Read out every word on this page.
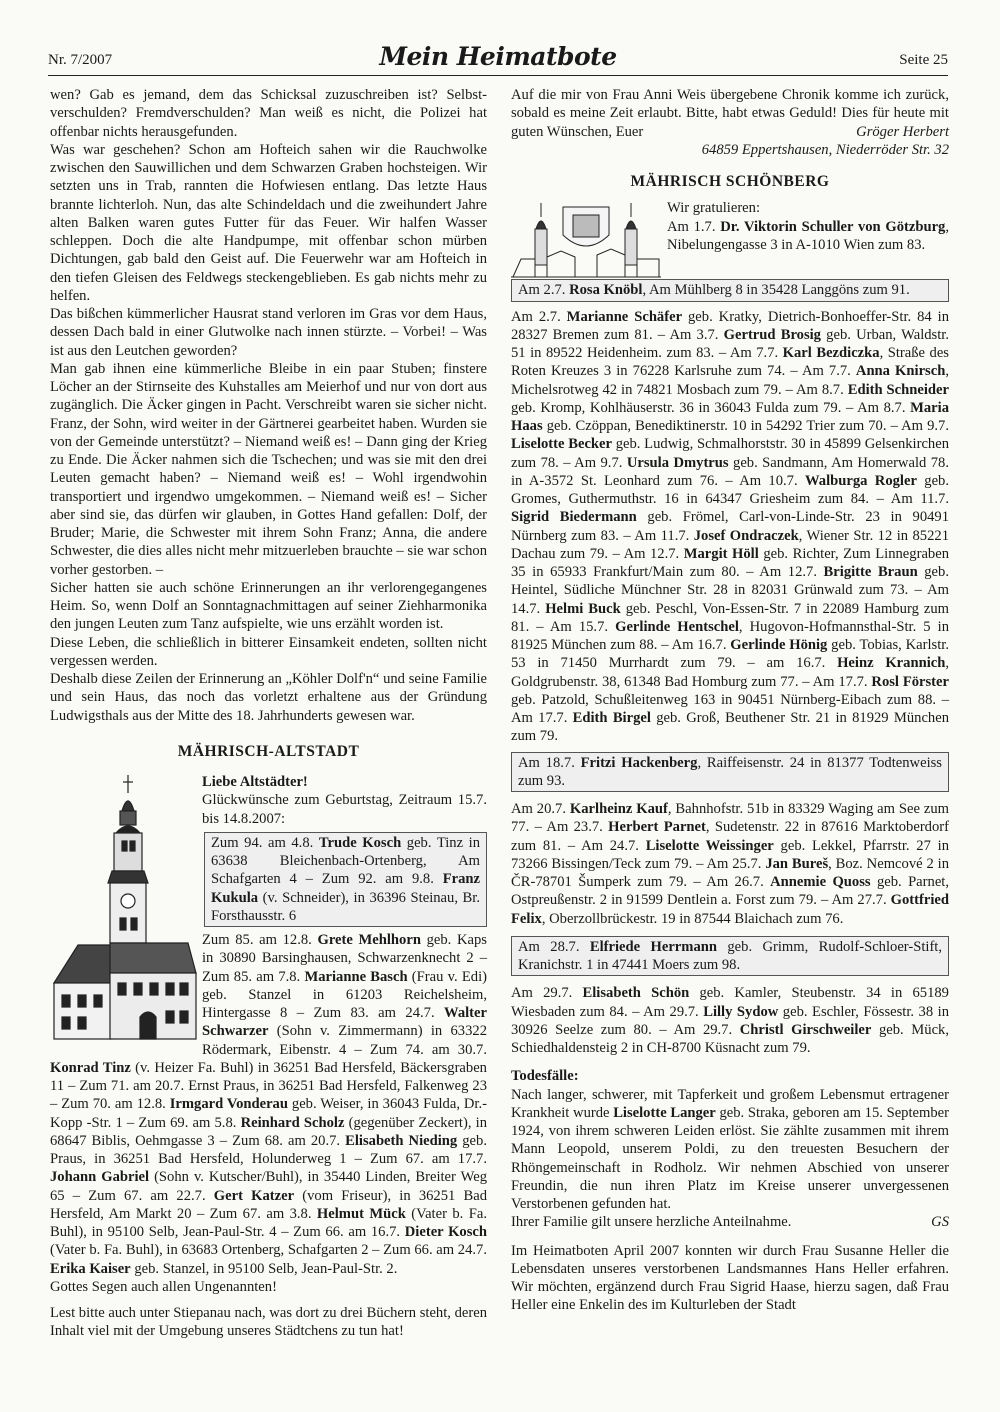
Nr. 7/2007	Mein Heimatbote	Seite 25

wen? Gab es jemand, dem das Schicksal zuzuschreiben ist? Selbstverschulden? Fremdverschulden? Man weiß es nicht, die Polizei hat offenbar nichts herausgefunden.

Was war geschehen? Schon am Hofteich sahen wir die Rauchwolke zwischen den Sauwillichen und dem Schwarzen Graben hochsteigen. Wir setzten uns in Trab, rannten die Hofwiesen entlang. Das letzte Haus brannte lichterloh. Nun, das alte Schindeldach und die zweihundert Jahre alten Balken waren gutes Futter für das Feuer. Wir halfen Wasser schleppen. Doch die alte Handpumpe, mit offenbar schon mürben Dichtungen, gab bald den Geist auf. Die Feuerwehr war am Hofteich in den tiefen Gleisen des Feldwegs steckengeblieben. Es gab nichts mehr zu helfen.

Das bißchen kümmerlicher Hausrat stand verloren im Gras vor dem Haus, dessen Dach bald in einer Glutwolke nach innen stürzte. – Vorbei! – Was ist aus den Leutchen geworden?

Man gab ihnen eine kümmerliche Bleibe in ein paar Stuben; finstere Löcher an der Stirnseite des Kuhstalles am Meierhof und nur von dort aus zugänglich. Die Äcker gingen in Pacht. Verschreibt waren sie sicher nicht. Franz, der Sohn, wird weiter in der Gärtnerei gearbeitet haben. Wurden sie von der Gemeinde unterstützt? – Niemand weiß es! – Dann ging der Krieg zu Ende. Die Äcker nahmen sich die Tschechen; und was sie mit den drei Leuten gemacht haben? – Niemand weiß es! – Wohl irgendwohin transportiert und irgendwo umgekommen. – Niemand weiß es! – Sicher aber sind sie, das dürfen wir glauben, in Gottes Hand gefallen: Dolf, der Bruder; Marie, die Schwester mit ihrem Sohn Franz; Anna, die andere Schwester, die dies alles nicht mehr mitzuerleben brauchte – sie war schon vorher gestorben. –

Sicher hatten sie auch schöne Erinnerungen an ihr verlorengegangenes Heim. So, wenn Dolf an Sonntagnachmittagen auf seiner Ziehharmonika den jungen Leuten zum Tanz aufspielte, wie uns erzählt worden ist.

Diese Leben, die schließlich in bitterer Einsamkeit endeten, sollten nicht vergessen werden.

Deshalb diese Zeilen der Erinnerung an „Köhler Dolf'n“ und seine Familie und sein Haus, das noch das vorletzt erhaltene aus der Gründung Ludwigsthals aus der Mitte des 18. Jahrhunderts gewesen war.

MÄHRISCH-ALTSTADT

Liebe Altstädter!

Glückwünsche zum Geburtstag, Zeitraum 15.7. bis 14.8.2007:

Zum 94. am 4.8. Trude Kosch geb. Tinz in 63638 Bleichenbach-Ortenberg, Am Schafgarten 4 – Zum 92. am 9.8. Franz Kukula (v. Schneider), in 36396 Steinau, Br. Forsthausstr. 6

Zum 85. am 12.8. Grete Mehlhorn geb. Kaps in 30890 Barsinghausen, Schwarzenknecht 2 – Zum 85. am 7.8. Marianne Basch (Frau v. Edi) geb. Stanzel in 61203 Reichelsheim, Hintergasse 8 – Zum 83. am 24.7. Walter Schwarzer (Sohn v. Zimmermann) in 63322 Rödermark, Eibenstr. 4 – Zum 74. am 30.7. Konrad Tinz (v. Heizer Fa. Buhl) in 36251 Bad Hersfeld, Bäckersgraben 11 – Zum 71. am 20.7. Ernst Praus, in 36251 Bad Hersfeld, Falkenweg 23 – Zum 70. am 12.8. Irmgard Vonderau geb. Weiser, in 36043 Fulda, Dr.-Kopp -Str. 1 – Zum 69. am 5.8. Reinhard Scholz (gegenüber Zeckert), in 68647 Biblis, Oehmgasse 3 – Zum 68. am 20.7. Elisabeth Nieding geb. Praus, in 36251 Bad Hersfeld, Holunderweg 1 – Zum 67. am 17.7. Johann Gabriel (Sohn v. Kutscher/Buhl), in 35440 Linden, Breiter Weg 65 – Zum 67. am 22.7. Gert Katzer (vom Friseur), in 36251 Bad Hersfeld, Am Markt 20 – Zum 67. am 3.8. Helmut Mück (Vater b. Fa. Buhl), in 95100 Selb, Jean-Paul-Str. 4 – Zum 66. am 16.7. Dieter Kosch (Vater b. Fa. Buhl), in 63683 Ortenberg, Schafgarten 2 – Zum 66. am 24.7. Erika Kaiser geb. Stanzel, in 95100 Selb, Jean-Paul-Str. 2.

Gottes Segen auch allen Ungenannten!

Lest bitte auch unter Stiepanau nach, was dort zu drei Büchern steht, deren Inhalt viel mit der Umgebung unseres Städtchens zu tun hat!

Auf die mir von Frau Anni Weis übergebene Chronik komme ich zurück, sobald es meine Zeit erlaubt. Bitte, habt etwas Geduld! Dies für heute mit guten Wünschen, Euer	Gröger Herbert

64859 Eppertshausen, Niederröder Str. 32

MÄHRISCH SCHÖNBERG

Wir gratulieren:

Am 1.7. Dr. Viktorin Schuller von Götzburg, Nibelungengasse 3 in A-1010 Wien zum 83.

Am 2.7. Rosa Knöbl, Am Mühlberg 8 in 35428 Langgöns zum 91.

Am 2.7. Marianne Schäfer geb. Kratky, Dietrich-Bonhoeffer-Str. 84 in 28327 Bremen zum 81. – Am 3.7. Gertrud Brosig geb. Urban, Waldstr. 51 in 89522 Heidenheim. zum 83. – Am 7.7. Karl Bezdiczka, Straße des Roten Kreuzes 3 in 76228 Karlsruhe zum 74. – Am 7.7. Anna Knirsch, Michelsrotweg 42 in 74821 Mosbach zum 79. – Am 8.7. Edith Schneider geb. Kromp, Kohlhäuserstr. 36 in 36043 Fulda zum 79. – Am 8.7. Maria Haas geb. Czöppan, Benediktinerstr. 10 in 54292 Trier zum 70. – Am 9.7. Liselotte Becker geb. Ludwig, Schmalhorststr. 30 in 45899 Gelsenkirchen zum 78. – Am 9.7. Ursula Dmytrus geb. Sandmann, Am Homerwald 78. in A-3572 St. Leonhard zum 76. – Am 10.7. Walburga Rogler geb. Gromes, Guthermuthstr. 16 in 64347 Griesheim zum 84. – Am 11.7. Sigrid Biedermann geb. Frömel, Carl-von-Linde-Str. 23 in 90491 Nürnberg zum 83. – Am 11.7. Josef Ondraczek, Wiener Str. 12 in 85221 Dachau zum 79. – Am 12.7. Margit Höll geb. Richter, Zum Linnegraben 35 in 65933 Frankfurt/Main zum 80. – Am 12.7. Brigitte Braun geb. Heintel, Südliche Münchner Str. 28 in 82031 Grünwald zum 73. – Am 14.7. Helmi Buck geb. Peschl, Von-Essen-Str. 7 in 22089 Hamburg zum 81. – Am 15.7. Gerlinde Hentschel, Hugovon-Hofmannsthal-Str. 5 in 81925 München zum 88. – Am 16.7. Gerlinde Hönig geb. Tobias, Karlstr. 53 in 71450 Murrhardt zum 79. – am 16.7. Heinz Krannich, Goldgrubenstr. 38, 61348 Bad Homburg zum 77. – Am 17.7. Rosl Förster geb. Patzold, Schußleitenweg 163 in 90451 Nürnberg-Eibach zum 88. – Am 17.7. Edith Birgel geb. Groß, Beuthener Str. 21 in 81929 München zum 79.

Am 18.7. Fritzi Hackenberg, Raiffeisenstr. 24 in 81377 Todtenweiss zum 93.

Am 20.7. Karlheinz Kauf, Bahnhofstr. 51b in 83329 Waging am See zum 77. – Am 23.7. Herbert Parnet, Sudetenstr. 22 in 87616 Marktoberdorf zum 81. – Am 24.7. Liselotte Weissinger geb. Lekkel, Pfarrstr. 27 in 73266 Bissingen/Teck zum 79. – Am 25.7. Jan Bureš, Boz. Nemcové 2 in ČR-78701 Šumperk zum 79. – Am 26.7. Annemie Quoss geb. Parnet, Ostpreußenstr. 2 in 91599 Dentlein a. Forst zum 79. – Am 27.7. Gottfried Felix, Oberzollbrückestr. 19 in 87544 Blaichach zum 76.

Am 28.7. Elfriede Herrmann geb. Grimm, Rudolf-Schloer-Stift, Kranichstr. 1 in 47441 Moers zum 98.

Am 29.7. Elisabeth Schön geb. Kamler, Steubenstr. 34 in 65189 Wiesbaden zum 84. – Am 29.7. Lilly Sydow geb. Eschler, Fössestr. 38 in 30926 Seelze zum 80. – Am 29.7. Christl Girschweiler geb. Mück, Schiedhaldensteig 2 in CH-8700 Küsnacht zum 79.

Todesfälle:

Nach langer, schwerer, mit Tapferkeit und großem Lebensmut ertragener Krankheit wurde Liselotte Langer geb. Straka, geboren am 15. September 1924, von ihrem schweren Leiden erlöst. Sie zählte zusammen mit ihrem Mann Leopold, unserem Poldi, zu den treuesten Besuchern der Rhöngemeinschaft in Rodholz. Wir nehmen Abschied von unserer Freundin, die nun ihren Platz im Kreise unserer unvergessenen Verstorbenen gefunden hat.

Ihrer Familie gilt unsere herzliche Anteilnahme.	GS

Im Heimatboten April 2007 konnten wir durch Frau Susanne Heller die Lebensdaten unseres verstorbenen Landsmannes Hans Heller erfahren. Wir möchten, ergänzend durch Frau Sigrid Haase, hierzu sagen, daß Frau Heller eine Enkelin des im Kulturleben der Stadt
